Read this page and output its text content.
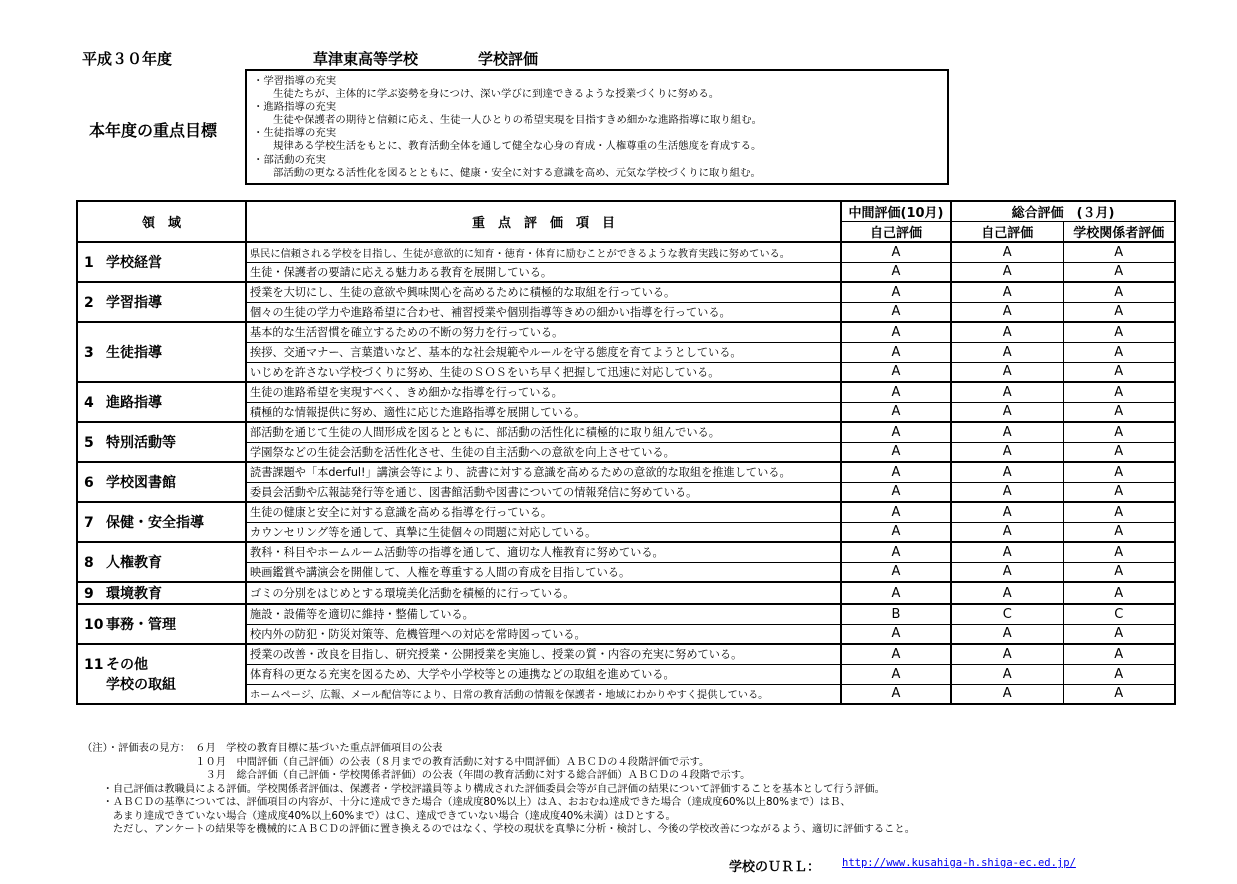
平成３０年度	草津東高等学校	学校評価
本年度の重点目標
・学習指導の充実
生徒たちが、主体的に学ぶ姿勢を身につけ、深い学びに到達できるような授業づくりに努める。
・進路指導の充実
生徒や保護者の期待と信頼に応え、生徒一人ひとりの希望実現を目指すきめ細かな進路指導に取り組む。
・生徒指導の充実
規律ある学校生活をもとに、教育活動全体を通して健全な心身の育成・人権尊重の生活態度を育成する。
・部活動の充実
部活動の更なる活性化を図るとともに、健康・安全に対する意識を高め、元気な学校づくりに取り組む。
領　域	重　点　評　価　項　目	中間評価(10月)	総合評価　(３月)	
		自己評価	自己評価	学校関係者評価
1 学校経営	県民に信頼される学校を目指し、生徒が意欲的に知育・徳育・体育に励むことができるような教育実践に努めている。	A	A	A
	生徒・保護者の要請に応える魅力ある教育を展開している。	A	A	A
2 学習指導	授業を大切にし、生徒の意欲や興味関心を高めるために積極的な取組を行っている。	A	A	A
	個々の生徒の学力や進路希望に合わせ、補習授業や個別指導等きめの細かい指導を行っている。	A	A	A
3 生徒指導	基本的な生活習慣を確立するための不断の努力を行っている。	A	A	A
	挨拶、交通マナー、言葉遣いなど、基本的な社会規範やルールを守る態度を育てようとしている。	A	A	A
	いじめを許さない学校づくりに努め、生徒のＳＯＳをいち早く把握して迅速に対応している。	A	A	A
4 進路指導	生徒の進路希望を実現すべく、きめ細かな指導を行っている。	A	A	A
	積極的な情報提供に努め、適性に応じた進路指導を展開している。	A	A	A
5 特別活動等	部活動を通じて生徒の人間形成を図るとともに、部活動の活性化に積極的に取り組んでいる。	A	A	A
	学園祭などの生徒会活動を活性化させ、生徒の自主活動への意欲を向上させている。	A	A	A
6 学校図書館	読書課題や「本derful!」講演会等により、読書に対する意識を高めるための意欲的な取組を推進している。	A	A	A
	委員会活動や広報誌発行等を通じ、図書館活動や図書についての情報発信に努めている。	A	A	A
7 保健・安全指導	生徒の健康と安全に対する意識を高める指導を行っている。	A	A	A
	カウンセリング等を通して、真摯に生徒個々の問題に対応している。	A	A	A
8 人権教育	教科・科目やホームルーム活動等の指導を通して、適切な人権教育に努めている。	A	A	A
	映画鑑賞や講演会を開催して、人権を尊重する人間の育成を目指している。	A	A	A
9 環境教育	ゴミの分別をはじめとする環境美化活動を積極的に行っている。	A	A	A
10 事務・管理	施設・設備等を適切に維持・整備している。	B	C	C
	校内外の防犯・防災対策等、危機管理への対応を常時図っている。	A	A	A
11 その他
学校の取組	授業の改善・改良を目指し、研究授業・公開授業を実施し、授業の質・内容の充実に努めている。	A	A	A
	体育科の更なる充実を図るため、大学や小学校等との連携などの取組を進めている。	A	A	A
	ホームページ、広報、メール配信等により、日常の教育活動の情報を保護者・地域にわかりやすく提供している。	A	A	A
（注）・評価表の見方：　６月　学校の教育目標に基づいた重点評価項目の公表
　　　　　　　　　　　１０月　中間評価（自己評価）の公表（８月までの教育活動に対する中間評価）ＡＢＣＤの４段階評価で示す。
　　　　　　　　　　　　３月　総合評価（自己評価・学校関係者評価）の公表（年間の教育活動に対する総合評価）ＡＢＣＤの４段階で示す。
　　・自己評価は教職員による評価。学校関係者評価は、保護者・学校評議員等より構成された評価委員会等が自己評価の結果について評価することを基本として行う評価。
　　・ＡＢＣＤの基準については、評価項目の内容が、十分に達成できた場合（達成度80%以上）はＡ、おおむね達成できた場合（達成度60%以上80%まで）はＢ、
　　　あまり達成できていない場合（達成度40%以上60%まで）はＣ、達成できていない場合（達成度40%未満）はＤとする。
　　　ただし、アンケートの結果等を機械的にＡＢＣＤの評価に置き換えるのではなく、学校の現状を真摯に分析・検討し、今後の学校改善につながるよう、適切に評価すること。
学校のＵＲＬ： http://www.kusahiga-h.shiga-ec.ed.jp/
